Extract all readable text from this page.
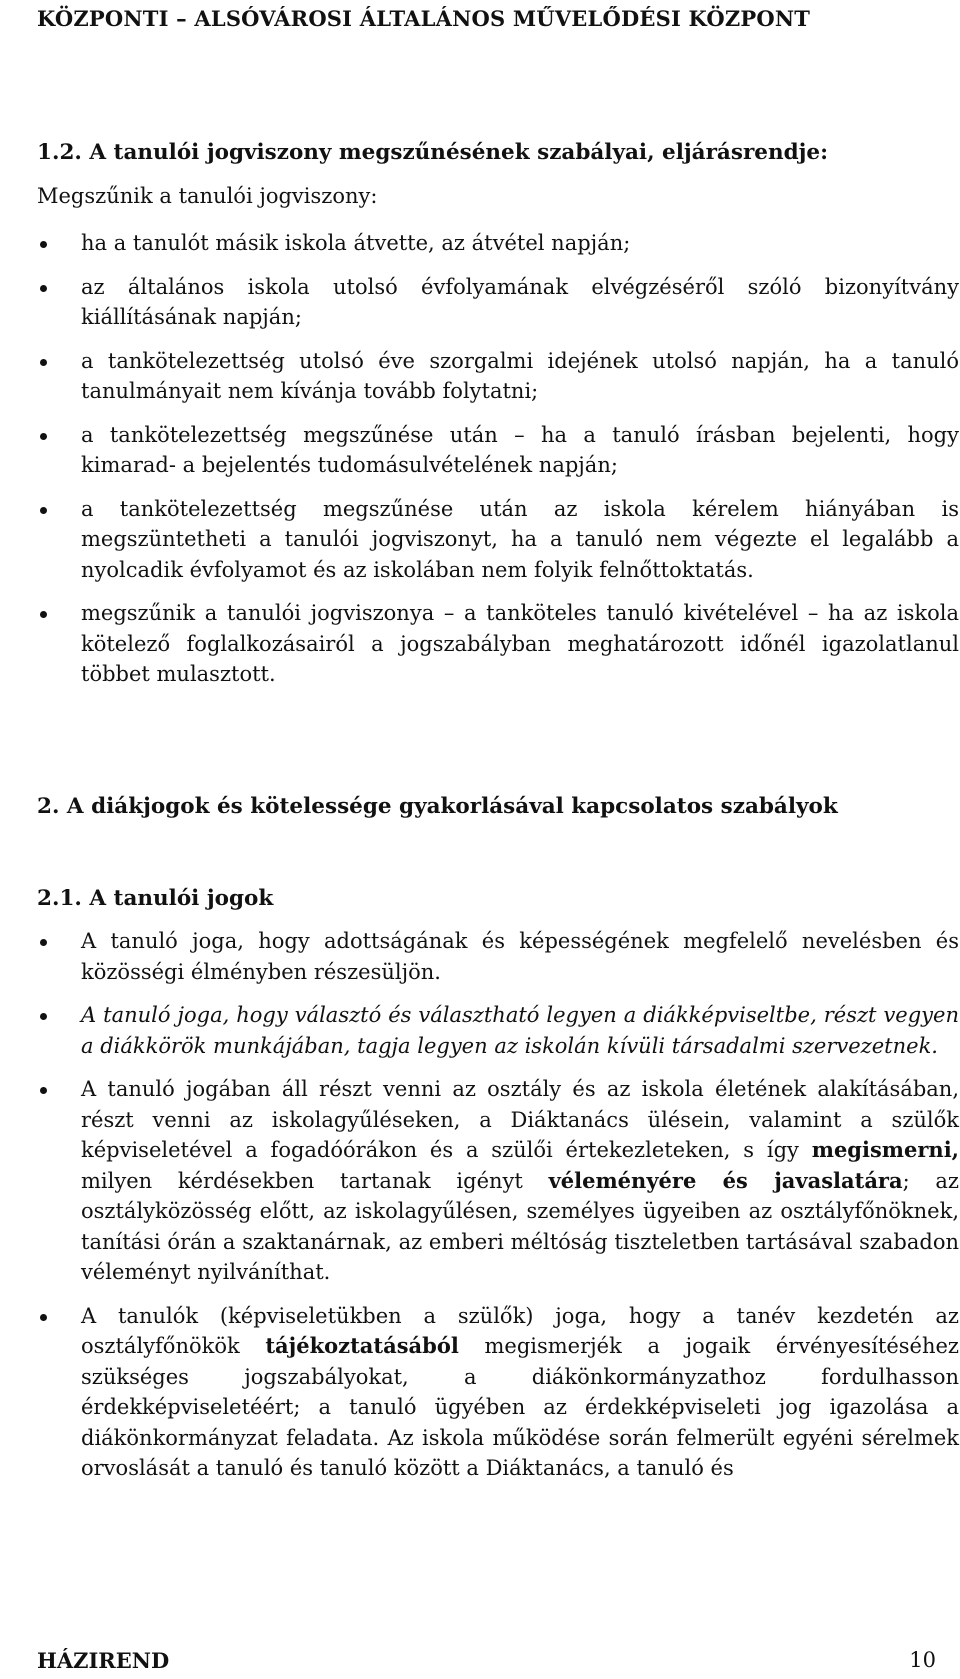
KÖZPONTI – ALSÓVÁROSI ÁLTALÁNOS MŰVELŐDÉSI KÖZPONT
1.2. A tanulói jogviszony megszűnésének szabályai, eljárásrendje:
Megszűnik a tanulói jogviszony:
ha a tanulót másik iskola átvette, az átvétel napján;
az általános iskola utolsó évfolyamának elvégzéséről szóló bizonyítvány kiállításának napján;
a tankötelezettség utolsó éve szorgalmi idejének utolsó napján, ha a tanuló tanulmányait nem kívánja tovább folytatni;
a tankötelezettség megszűnése után – ha a tanuló írásban bejelenti, hogy kimarad- a bejelentés tudomásulvételének napján;
a tankötelezettség megszűnése után az iskola kérelem hiányában is megszüntetheti a tanulói jogviszonyt, ha a tanuló nem végezte el legalább a nyolcadik évfolyamot és az iskolában nem folyik felnőttoktatás.
megszűnik a tanulói jogviszonya – a tanköteles tanuló kivételével – ha az iskola kötelező foglalkozásairól a jogszabályban meghatározott időnél igazolatlanul többet mulasztott.
2. A diákjogok és kötelessége gyakorlásával kapcsolatos szabályok
2.1. A tanulói jogok
A tanuló joga, hogy adottságának és képességének megfelelő nevelésben és közösségi élményben részesüljön.
A tanuló joga, hogy választó és választható legyen a diákképviseltbe, részt vegyen a diákkörök munkájában, tagja legyen az iskolán kívüli társadalmi szervezetnek.
A tanuló jogában áll részt venni az osztály és az iskola életének alakításában, részt venni az iskolagyűléseken, a Diáktanács ülésein, valamint a szülők képviseletével a fogadóórákon és a szülői értekezleteken, s így megismerni, milyen kérdésekben tartanak igényt véleményére és javaslatára; az osztályközösség előtt, az iskolagyűlésen, személyes ügyeiben az osztályfőnöknek, tanítási órán a szaktanárnak, az emberi méltóság tiszteletben tartásával szabadon véleményt nyilváníthat.
A tanulók (képviseletükben a szülők) joga, hogy a tanév kezdetén az osztályfőnökök tájékoztatásából megismerjék a jogaik érvényesítéséhez szükséges jogszabályokat, a diákönkormányzathoz fordulhasson érdekképviseletéért; a tanuló ügyében az érdekképviseleti jog igazolása a diákönkormányzat feladata. Az iskola működése során felmerült egyéni sérelmek orvoslását a tanuló és tanuló között a Diáktanács, a tanuló és
HÁZIREND	10
